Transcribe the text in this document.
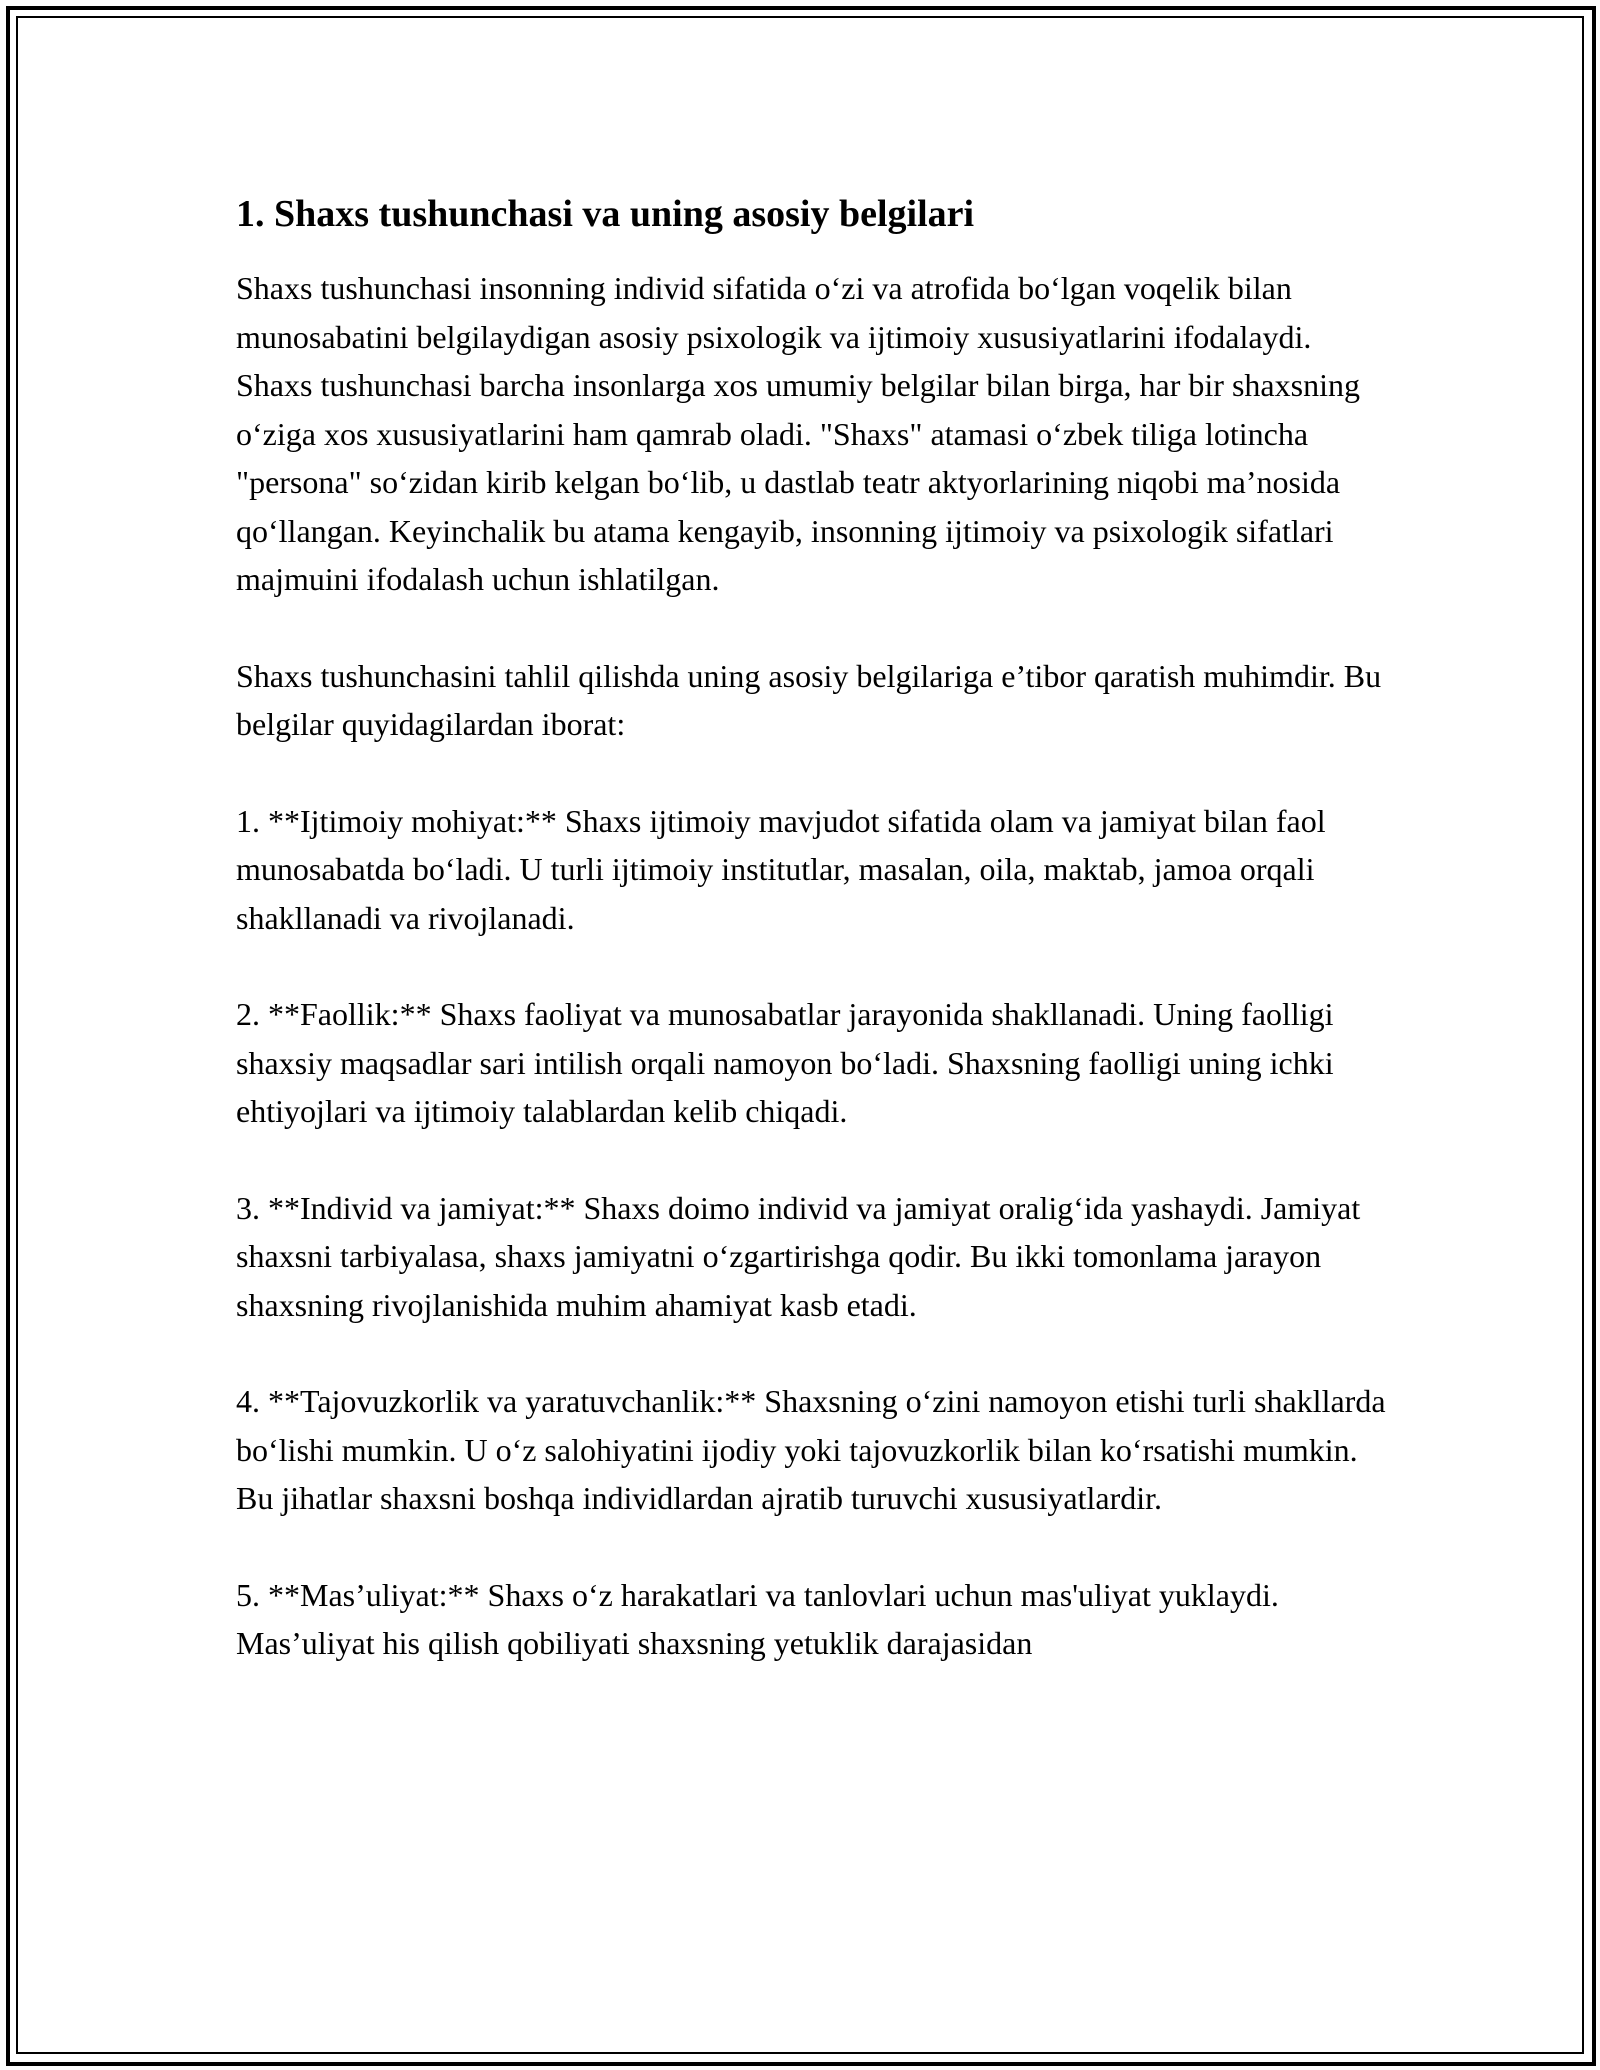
1. Shaxs tushunchasi va uning asosiy belgilari

Shaxs tushunchasi insonning individ sifatida o‘zi va atrofida bo‘lgan voqelik bilan munosabatini belgilaydigan asosiy psixologik va ijtimoiy xususiyatlarini ifodalaydi. Shaxs tushunchasi barcha insonlarga xos umumiy belgilar bilan birga, har bir shaxsning o‘ziga xos xususiyatlarini ham qamrab oladi. "Shaxs" atamasi o‘zbek tiliga lotincha "persona" so‘zidan kirib kelgan bo‘lib, u dastlab teatr aktyorlarining niqobi ma’nosida qo‘llangan. Keyinchalik bu atama kengayib, insonning ijtimoiy va psixologik sifatlari majmuini ifodalash uchun ishlatilgan.

Shaxs tushunchasini tahlil qilishda uning asosiy belgilariga e’tibor qaratish muhimdir. Bu belgilar quyidagilardan iborat:

1. **Ijtimoiy mohiyat:** Shaxs ijtimoiy mavjudot sifatida olam va jamiyat bilan faol munosabatda bo‘ladi. U turli ijtimoiy institutlar, masalan, oila, maktab, jamoa orqali shakllanadi va rivojlanadi.

2. **Faollik:** Shaxs faoliyat va munosabatlar jarayonida shakllanadi. Uning faolligi shaxsiy maqsadlar sari intilish orqali namoyon bo‘ladi. Shaxsning faolligi uning ichki ehtiyojlari va ijtimoiy talablardan kelib chiqadi.

3. **Individ va jamiyat:** Shaxs doimo individ va jamiyat oralig‘ida yashaydi. Jamiyat shaxsni tarbiyalasa, shaxs jamiyatni o‘zgartirishga qodir. Bu ikki tomonlama jarayon shaxsning rivojlanishida muhim ahamiyat kasb etadi.

4. **Tajovuzkorlik va yaratuvchanlik:** Shaxsning o‘zini namoyon etishi turli shakllarda bo‘lishi mumkin. U o‘z salohiyatini ijodiy yoki tajovuzkorlik bilan ko‘rsatishi mumkin. Bu jihatlar shaxsni boshqa individlardan ajratib turuvchi xususiyatlardir.

5. **Mas’uliyat:** Shaxs o‘z harakatlari va tanlovlari uchun mas'uliyat yuklaydi. Mas’uliyat his qilish qobiliyati shaxsning yetuklik darajasidan
